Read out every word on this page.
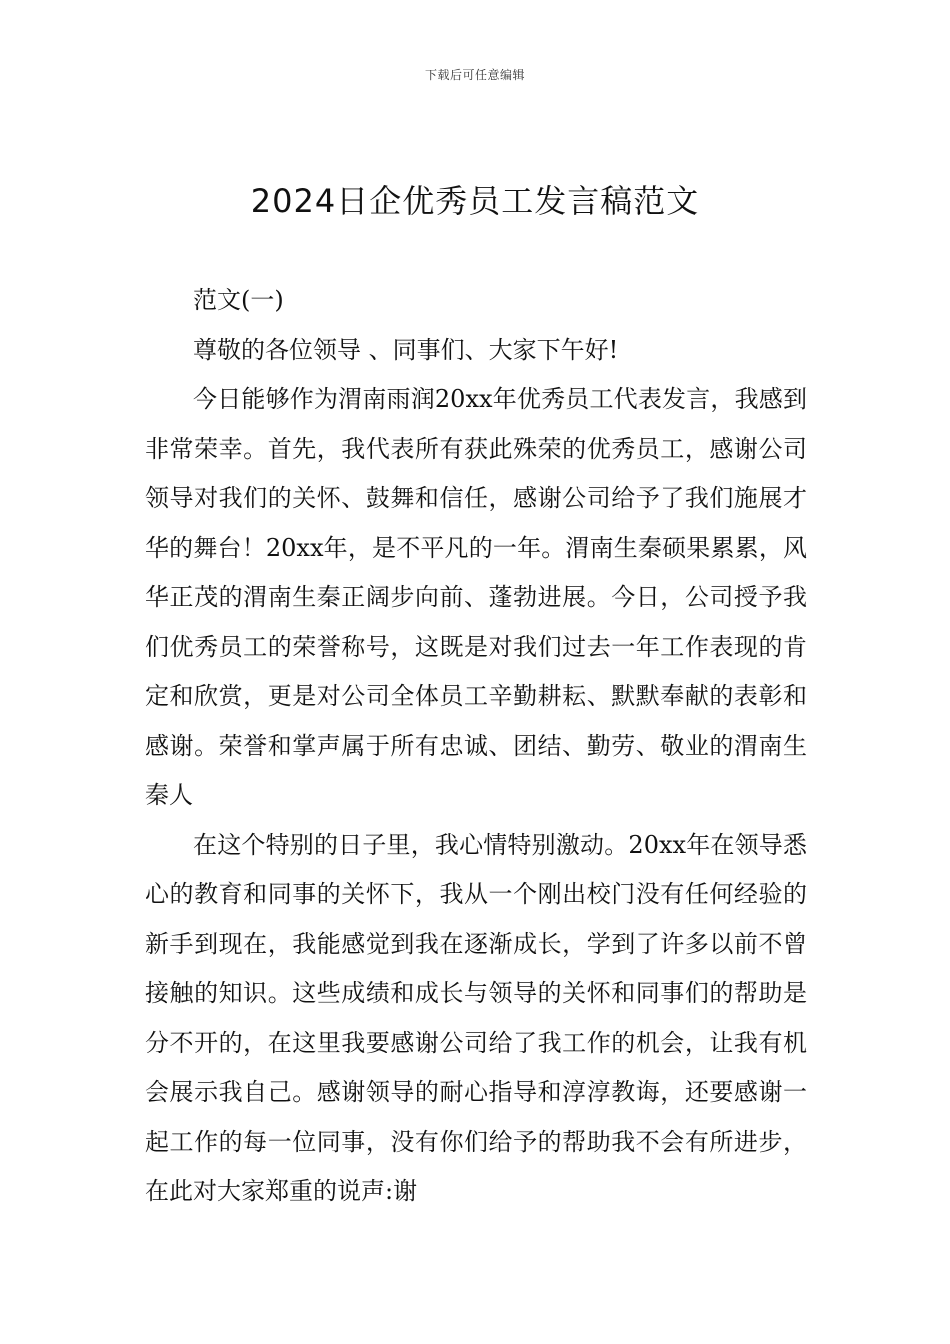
下载后可任意编辑
2024日企优秀员工发言稿范文

范文(一)

尊敬的各位领导 、同事们、大家下午好!

今日能够作为渭南雨润20xx年优秀员工代表发言，我感到非常荣幸。首先，我代表所有获此殊荣的优秀员工，感谢公司领导对我们的关怀、鼓舞和信任，感谢公司给予了我们施展才华的舞台！20xx年，是不平凡的一年。渭南生秦硕果累累，风华正茂的渭南生秦正阔步向前、蓬勃进展。今日，公司授予我们优秀员工的荣誉称号，这既是对我们过去一年工作表现的肯定和欣赏，更是对公司全体员工辛勤耕耘、默默奉献的表彰和感谢。荣誉和掌声属于所有忠诚、团结、勤劳、敬业的渭南生秦人

在这个特别的日子里，我心情特别激动。20xx年在领导悉心的教育和同事的关怀下，我从一个刚出校门没有任何经验的新手到现在，我能感觉到我在逐渐成长，学到了许多以前不曾接触的知识。这些成绩和成长与领导的关怀和同事们的帮助是分不开的，在这里我要感谢公司给了我工作的机会，让我有机会展示我自己。感谢领导的耐心指导和淳淳教诲，还要感谢一起工作的每一位同事，没有你们给予的帮助我不会有所进步，在此对大家郑重的说声:谢
